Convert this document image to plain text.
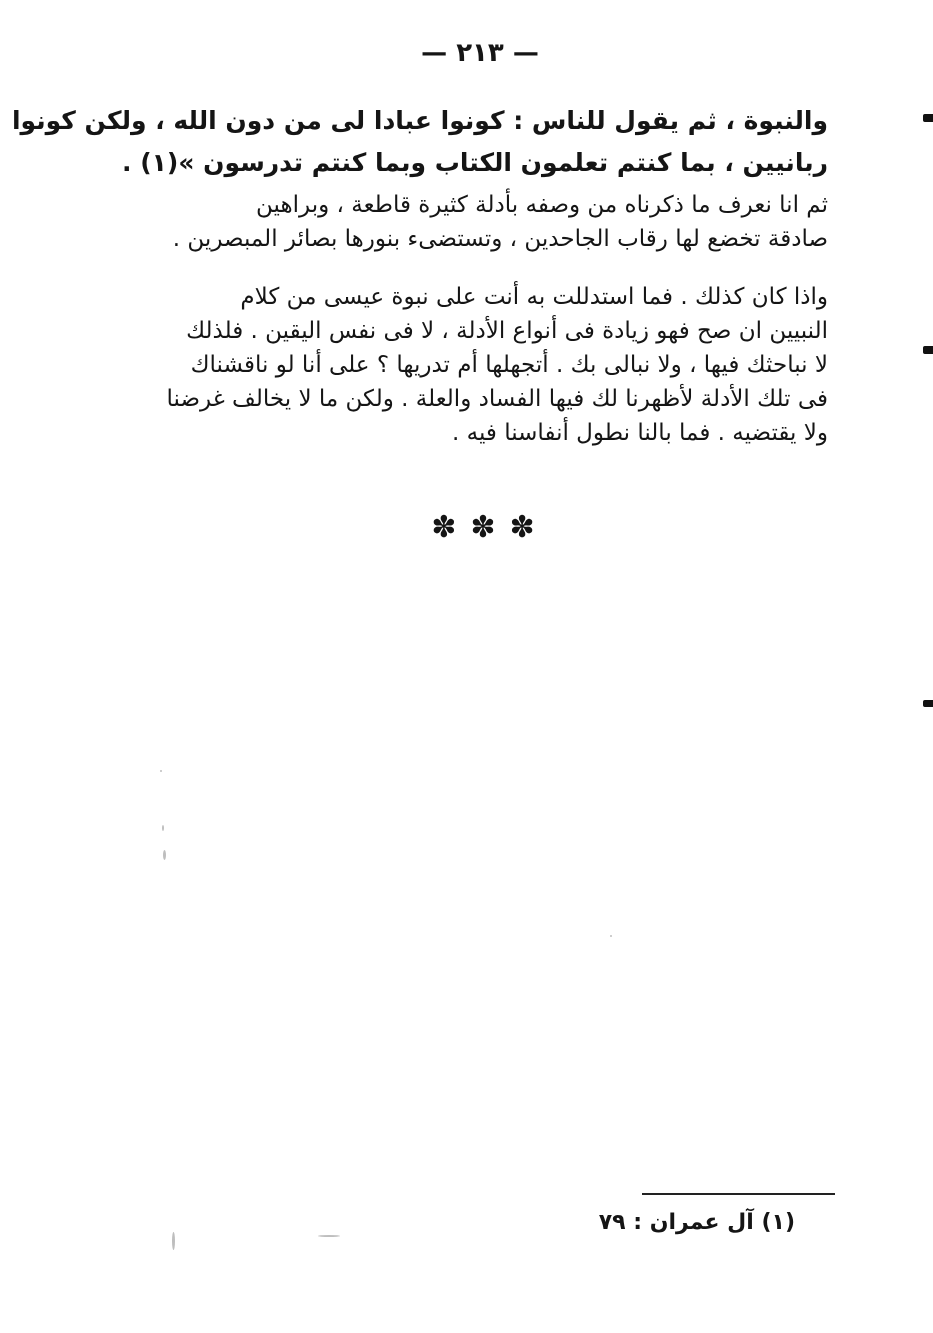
— ٢١٣ —
والنبوة ، ثم يقول للناس : كونوا عبادا لى من دون الله ، ولكن كونوا
ربانيين ، بما كنتم تعلمون الكتاب وبما كنتم تدرسون »(١) .
ثم انا نعرف ما ذكرناه من وصفه بأدلة كثيرة قاطعة ، وبراهين
صادقة تخضع لها رقاب الجاحدين ، وتستضىء بنورها بصائر المبصرين .
واذا كان كذلك . فما استدللت به أنت على نبوة عيسى من كلام
النبيين ان صح فهو زيادة فى أنواع الأدلة ، لا فى نفس اليقين . فلذلك
لا نباحثك فيها ، ولا نبالى بك . أتجهلها أم تدريها ؟ على أنا لو ناقشناك
فى تلك الأدلة لأظهرنا لك فيها الفساد والعلة . ولكن ما لا يخالف غرضنا
ولا يقتضيه . فما بالنا نطول أنفاسنا فيه .
✽✽✽
(١) آل عمران : ٧٩
